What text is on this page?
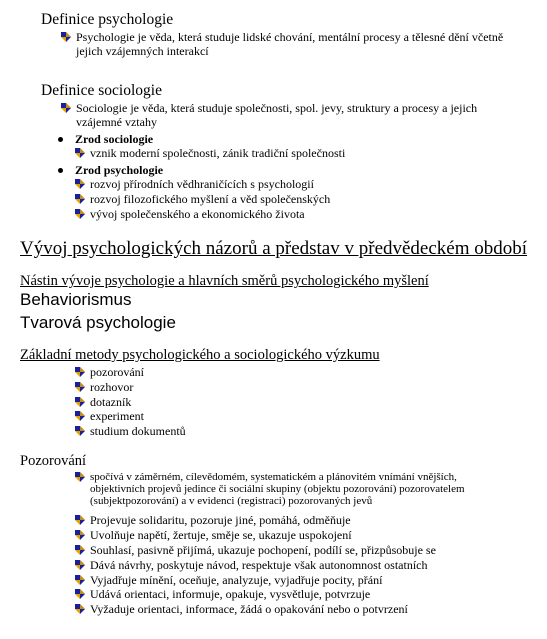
Definice psychologie
Psychologie je věda, která studuje lidské chování, mentální procesy a tělesné dění včetně jejich vzájemných interakcí
Definice sociologie
Sociologie je věda, která studuje společnosti, spol. jevy, struktury a procesy a jejich vzájemné vztahy
Zrod sociologie
vznik moderní společnosti, zánik tradiční společnosti
Zrod psychologie
rozvoj přírodních vědhraničících s psychologií
rozvoj filozofického myšlení a věd společenských
vývoj společenského a ekonomického života
Vývoj psychologických názorů a představ v předvědeckém období
Nástin vývoje psychologie a hlavních směrů psychologického myšlení
Behaviorismus
Tvarová psychologie
Základní metody psychologického a sociologického výzkumu
pozorování
rozhovor
dotazník
experiment
studium dokumentů
Pozorování
spočívá v záměrném, cílevědomém, systematickém a plánovitém vnímání vnějších, objektivních projevů jedince či sociální skupiny (objektu pozorování) pozorovatelem (subjektpozorování) a v evidenci (registraci) pozorovaných jevů
Projevuje solidaritu, pozoruje jiné, pomáhá, odměňuje
Uvolňuje napětí, žertuje, směje se, ukazuje uspokojení
Souhlasí, pasivně přijímá, ukazuje pochopení, podílí se, přizpůsobuje se
Dává návrhy, poskytuje návod, respektuje však autonomnost ostatních
Vyjadřuje mínění, oceňuje, analyzuje, vyjadřuje pocity, přání
Udává orientaci, informuje, opakuje, vysvětluje, potvrzuje
Vyžaduje orientaci, informace, žádá o opakování nebo o potvrzení
